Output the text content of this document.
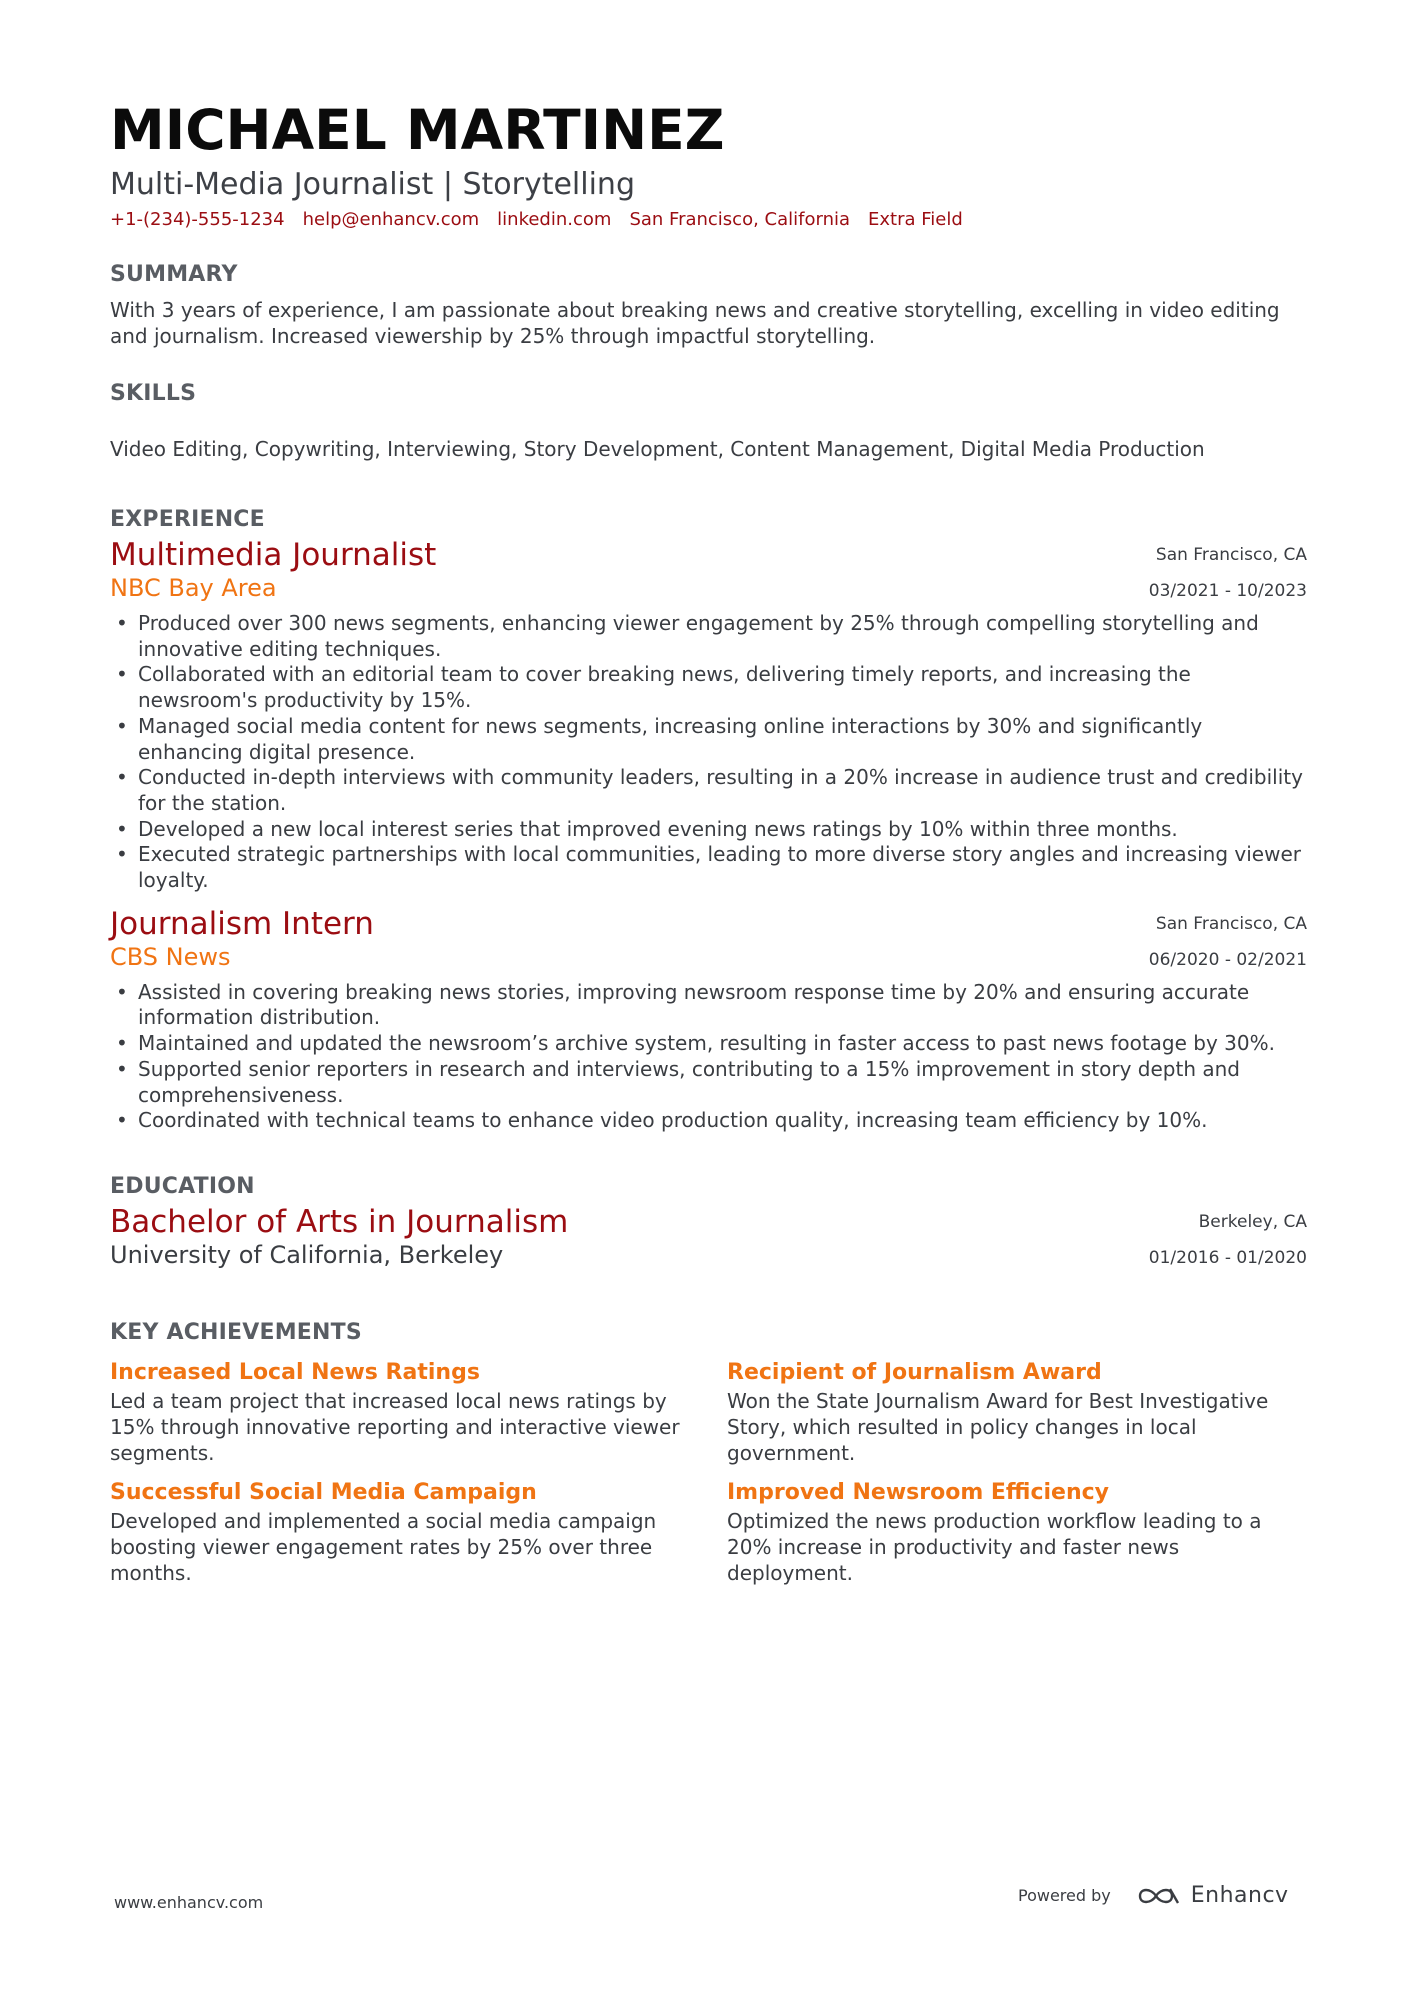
MICHAEL MARTINEZ
Multi-Media Journalist | Storytelling
+1-(234)-555-1234 help@enhancv.com linkedin.com San Francisco, California Extra Field
SUMMARY
With 3 years of experience, I am passionate about breaking news and creative storytelling, excelling in video editing and journalism. Increased viewership by 25% through impactful storytelling.
SKILLS
Video Editing, Copywriting, Interviewing, Story Development, Content Management, Digital Media Production
EXPERIENCE
Multimedia Journalist
NBC Bay Area
San Francisco, CA
03/2021 - 10/2023
• Produced over 300 news segments, enhancing viewer engagement by 25% through compelling storytelling and innovative editing techniques.
• Collaborated with an editorial team to cover breaking news, delivering timely reports, and increasing the newsroom's productivity by 15%.
• Managed social media content for news segments, increasing online interactions by 30% and significantly enhancing digital presence.
• Conducted in-depth interviews with community leaders, resulting in a 20% increase in audience trust and credibility for the station.
• Developed a new local interest series that improved evening news ratings by 10% within three months.
• Executed strategic partnerships with local communities, leading to more diverse story angles and increasing viewer loyalty.
Journalism Intern
CBS News
San Francisco, CA
06/2020 - 02/2021
• Assisted in covering breaking news stories, improving newsroom response time by 20% and ensuring accurate information distribution.
• Maintained and updated the newsroom’s archive system, resulting in faster access to past news footage by 30%.
• Supported senior reporters in research and interviews, contributing to a 15% improvement in story depth and comprehensiveness.
• Coordinated with technical teams to enhance video production quality, increasing team efficiency by 10%.
EDUCATION
Bachelor of Arts in Journalism
University of California, Berkeley
Berkeley, CA
01/2016 - 01/2020
KEY ACHIEVEMENTS
Increased Local News Ratings
Led a team project that increased local news ratings by 15% through innovative reporting and interactive viewer segments.
Recipient of Journalism Award
Won the State Journalism Award for Best Investigative Story, which resulted in policy changes in local government.
Successful Social Media Campaign
Developed and implemented a social media campaign boosting viewer engagement rates by 25% over three months.
Improved Newsroom Efficiency
Optimized the news production workflow leading to a 20% increase in productivity and faster news deployment.
www.enhancv.com	Powered by	Enhancv
